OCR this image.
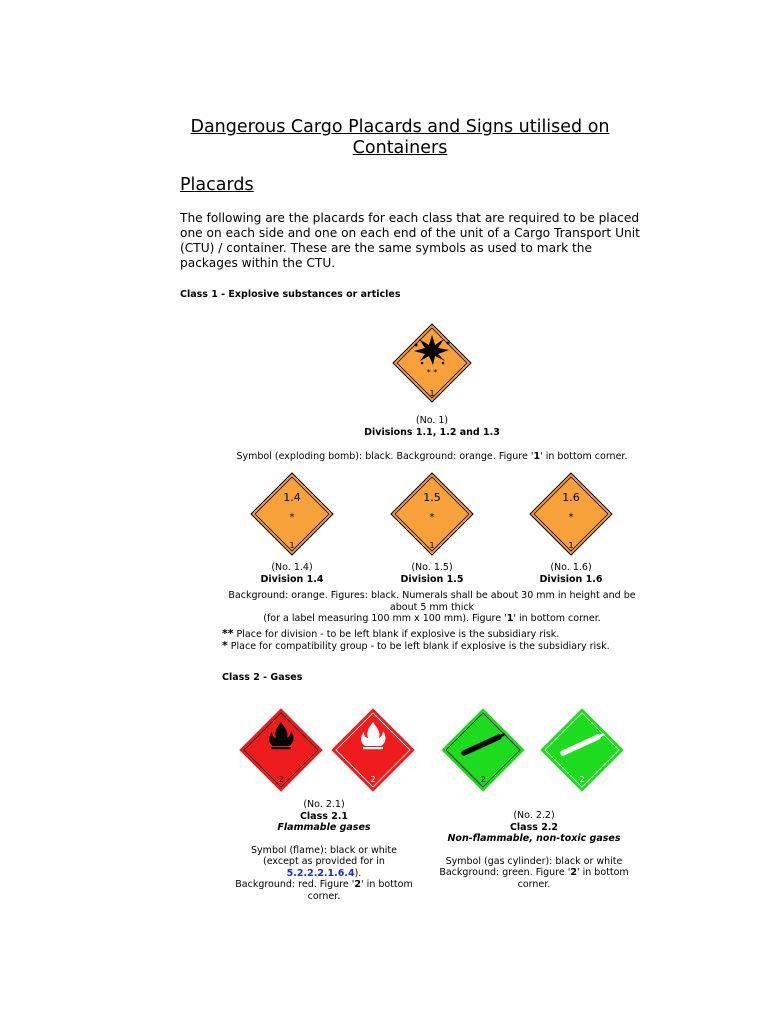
Dangerous Cargo Placards and Signs utilised on
Containers
Placards
The following are the placards for each class that are required to be placed one on each side and one on each end of the unit of a Cargo Transport Unit (CTU) / container. These are the same symbols as used to mark the packages within the CTU.
Class 1 - Explosive substances or articles
* *
1
(No. 1)
Divisions 1.1, 1.2 and 1.3
Symbol (exploding bomb): black. Background: orange. Figure '1' in bottom corner.
1.4
*
1
1.5
*
1
1.6
*
1
(No. 1.4)
Division 1.4
(No. 1.5)
Division 1.5
(No. 1.6)
Division 1.6
Background: orange. Figures: black. Numerals shall be about 30 mm in height and be
about 5 mm thick
(for a label measuring 100 mm x 100 mm). Figure '1' in bottom corner.
** Place for division - to be left blank if explosive is the subsidiary risk.
* Place for compatibility group - to be left blank if explosive is the subsidiary risk.
Class 2 - Gases
2	2	2	2
(No. 2.1)
Class 2.1
Flammable gases
Symbol (flame): black or white
(except as provided for in
5.2.2.2.1.6.4).
Background: red. Figure '2' in bottom
corner.
(No. 2.2)
Class 2.2
Non-flammable, non-toxic gases
Symbol (gas cylinder): black or white
Background: green. Figure '2' in bottom
corner.
